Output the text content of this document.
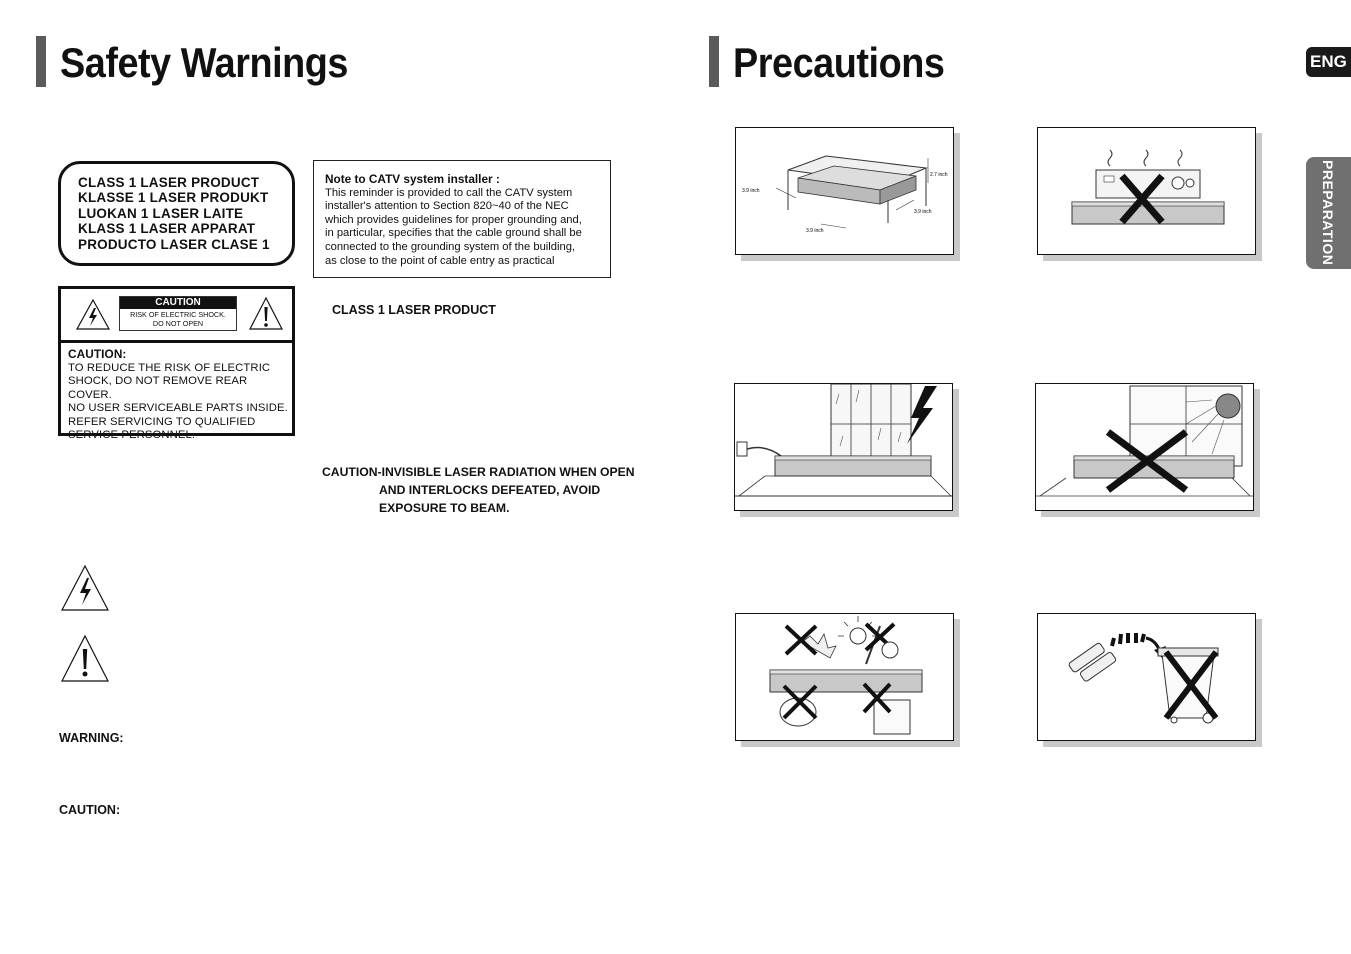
Safety Warnings
CLASS 1 LASER PRODUCT
KLASSE 1 LASER PRODUKT
LUOKAN 1 LASER LAITE
KLASS 1 LASER APPARAT
PRODUCTO LASER CLASE 1
Note to CATV system installer :
This reminder is provided to call the CATV system
installer's attention to Section 820~40 of the NEC
which provides guidelines for proper grounding and,
in particular, specifies that the cable ground shall be
connected to the grounding system of the building,
as close to the point of cable entry as practical
CAUTION
RISK OF ELECTRIC SHOCK.
DO NOT OPEN
CAUTION:
TO REDUCE THE RISK OF ELECTRIC
SHOCK, DO NOT REMOVE REAR COVER.
NO USER SERVICEABLE PARTS INSIDE.
REFER SERVICING TO QUALIFIED
SERVICE PERSONNEL.
CLASS 1 LASER PRODUCT
CAUTION-INVISIBLE LASER RADIATION WHEN OPEN
AND INTERLOCKS DEFEATED, AVOID
EXPOSURE TO BEAM.
WARNING:
CAUTION:
Precautions	ENG
PREPARATION
2.7 inch
3.9 inch
3.9 inch
3.9 inch
